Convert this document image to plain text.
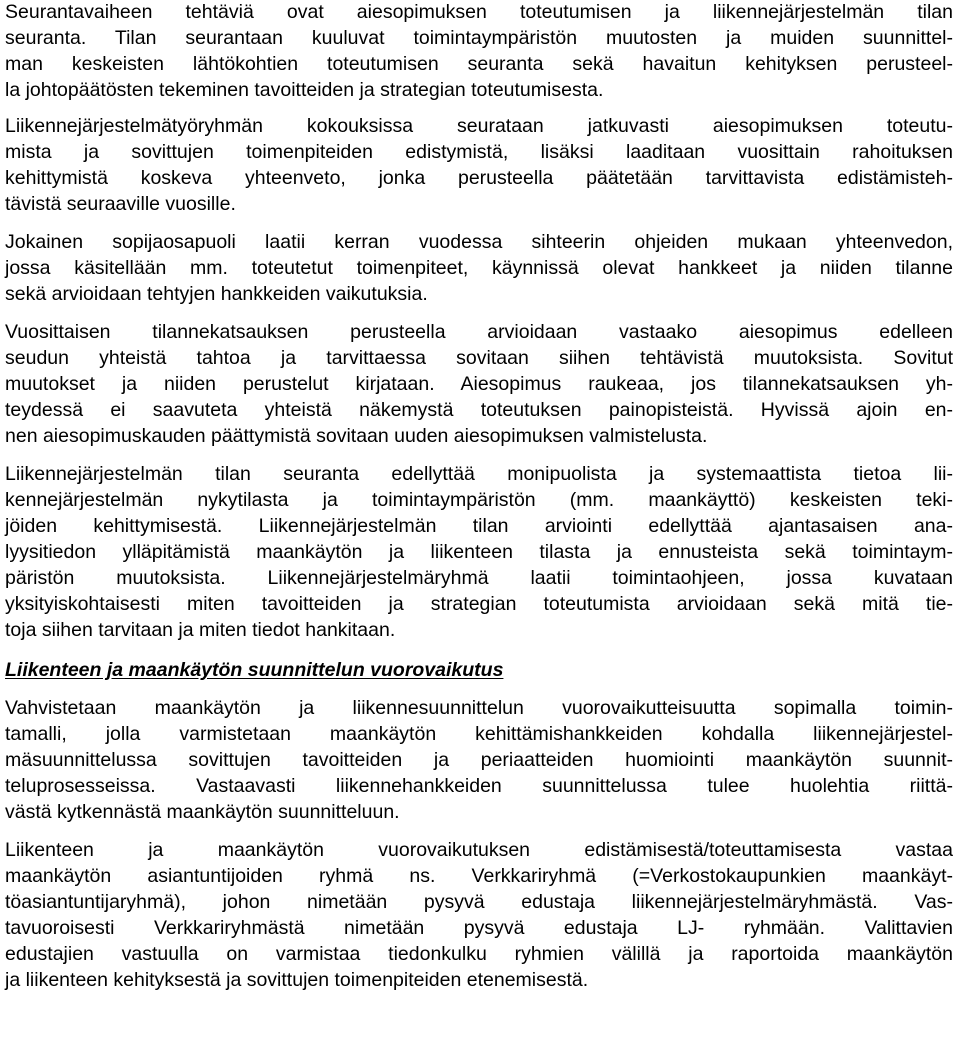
Seurantavaiheen tehtäviä ovat aiesopimuksen toteutumisen ja liikennejärjestelmän tilan
seuranta. Tilan seurantaan kuuluvat toimintaympäristön muutosten ja muiden suunnittel-
man keskeisten lähtökohtien toteutumisen seuranta sekä havaitun kehityksen perusteel-
la johtopäätösten tekeminen tavoitteiden ja strategian toteutumisesta.
Liikennejärjestelmätyöryhmän kokouksissa seurataan jatkuvasti aiesopimuksen toteutu-
mista ja sovittujen toimenpiteiden edistymistä, lisäksi laaditaan vuosittain rahoituksen
kehittymistä koskeva yhteenveto, jonka perusteella päätetään tarvittavista edistämisteh-
tävistä seuraaville vuosille.
Jokainen sopijaosapuoli laatii kerran vuodessa sihteerin ohjeiden mukaan yhteenvedon,
jossa käsitellään mm. toteutetut toimenpiteet, käynnissä olevat hankkeet ja niiden tilanne
sekä arvioidaan tehtyjen hankkeiden vaikutuksia.
Vuosittaisen tilannekatsauksen perusteella arvioidaan vastaako aiesopimus edelleen
seudun yhteistä tahtoa ja tarvittaessa sovitaan siihen tehtävistä muutoksista. Sovitut
muutokset ja niiden perustelut kirjataan. Aiesopimus raukeaa, jos tilannekatsauksen yh-
teydessä ei saavuteta yhteistä näkemystä toteutuksen painopisteistä. Hyvissä ajoin en-
nen aiesopimuskauden päättymistä sovitaan uuden aiesopimuksen valmistelusta.
Liikennejärjestelmän tilan seuranta edellyttää monipuolista ja systemaattista tietoa lii-
kennejärjestelmän nykytilasta ja toimintaympäristön (mm. maankäyttö) keskeisten teki-
jöiden kehittymisestä. Liikennejärjestelmän tilan arviointi edellyttää ajantasaisen ana-
lyysitiedon ylläpitämistä maankäytön ja liikenteen tilasta ja ennusteista sekä toimintaym-
päristön muutoksista. Liikennejärjestelmäryhmä laatii toimintaohjeen, jossa kuvataan
yksityiskohtaisesti miten tavoitteiden ja strategian toteutumista arvioidaan sekä mitä tie-
toja siihen tarvitaan ja miten tiedot hankitaan.
Liikenteen ja maankäytön suunnittelun vuorovaikutus
Vahvistetaan maankäytön ja liikennesuunnittelun vuorovaikutteisuutta sopimalla toimin-
tamalli, jolla varmistetaan maankäytön kehittämishankkeiden kohdalla liikennejärjestel-
mäsuunnittelussa sovittujen tavoitteiden ja periaatteiden huomiointi maankäytön suunnit-
teluprosesseissa. Vastaavasti liikennehankkeiden suunnittelussa tulee huolehtia riittä-
västä kytkennästä maankäytön suunnitteluun.
Liikenteen ja maankäytön vuorovaikutuksen edistämisestä/toteuttamisesta vastaa
maankäytön asiantuntijoiden ryhmä ns. Verkkariryhmä (=Verkostokaupunkien maankäyt-
töasiantuntijaryhmä), johon nimetään pysyvä edustaja liikennejärjestelmäryhmästä. Vas-
tavuoroisesti Verkkariryhmästä nimetään pysyvä edustaja LJ- ryhmään. Valittavien
edustajien vastuulla on varmistaa tiedonkulku ryhmien välillä ja raportoida maankäytön
ja liikenteen kehityksestä ja sovittujen toimenpiteiden etenemisestä.
